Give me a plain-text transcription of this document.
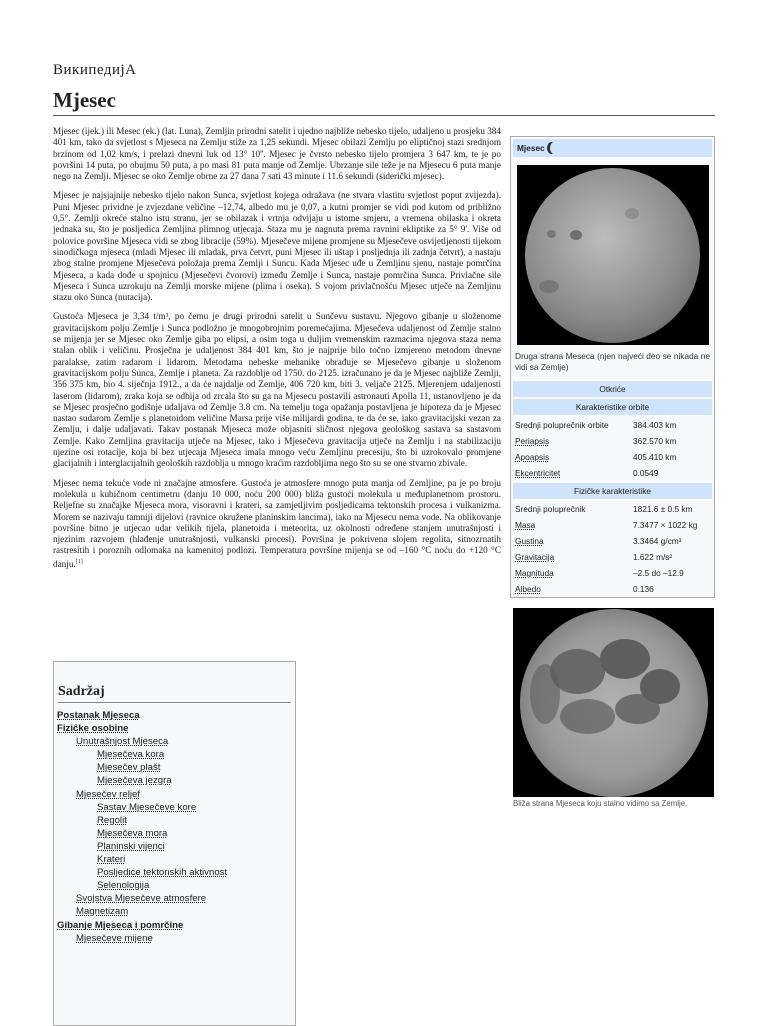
ВикипедијА
Mjesec

Mjesec (ijek.) ili Mesec (ek.) (lat. Luna), Zemljin prirodni satelit i ujedno najbliže nebesko tijelo, udaljeno u prosjeku 384 401 km, tako da svjetlost s Mjeseca na Zemlju stiže za 1,25 sekundi. Mjesec obilazi Zemlju po eliptičnoj stazi srednjom brzinom od 1,02 km/s, i prelazi dnevni luk od 13° 10''. Mjesec je čvrsto nebesko tijelo promjera 3 647 km, te je po površini 14 puta, po obujmu 50 puta, a po masi 81 puta manje od Zemlje. Ubrzanje sile teže je na Mjesecu 6 puta manje nego na Zemlji. Mjesec se oko Zemlje obrne za 27 dana 7 sati 43 minute i 11.6 sekundi (siderički mjesec).

Mjesec je najsjajnije nebesko tijelo nakon Sunca, svjetlost kojega odražava (ne stvara vlastitu svjetlost poput zvijezda). Puni Mjesec prividne je zvjezdane veličine –12,74, albedo mu je 0,07, a kutni promjer se vidi pod kutom od približno 0,5°. Zemlji okreće stalno istu stranu, jer se obilazak i vrtnja odvijaju u istome smjeru, a vremena obilaska i okreta jednaka su, što je posljedica Zemljina plimnog utjecaja. Staza mu je nagnuta prema ravnini ekliptike za 5° 9'. Više od polovice površine Mjeseca vidi se zbog libracije (59%). Mjesečeve mijene promjene su Mjesečeve osvijetljenosti tijekom sinodičkoga mjeseca (mladi Mjesec ili mladak, prva četvrt, puni Mjesec ili uštap i posljednja ili zadnja četvrt), a nastaju zbog stalne promjene Mjesečeva položaja prema Zemlji i Suncu. Kada Mjesec uđe u Zemljinu sjenu, nastaje pomrčina Mjeseca, a kada dođe u spojnicu (Mjesečevi čvorovi) između Zemlje i Sunca, nastaje pomrčina Sunca. Privlačne sile Mjeseca i Sunca uzrokuju na Zemlji morske mijene (plima i oseka). S vojom privlačnošću Mjesec utječe na Zemljinu stazu oko Sunca (nutacija).

Gustoća Mjeseca je 3,34 t/m³, po čemu je drugi prirodni satelit u Sunčevu sustavu. Njegovo gibanje u složenome gravitacijskom polju Zemlje i Sunca podložno je mnogobrojnim poremećajima. Mjesečeva udaljenost od Zemlje stalno se mijenja jer se Mjesec oko Zemlje giba po elipsi, a osim toga u duljim vremenskim razmacima njegova staza nema stalan oblik i veličinu. Prosječna je udaljenost 384 401 km, što je najprije bilo točno izmjereno metodom dnevne paralakse, zatim radarom i lidarom. Metodama nebeske mehanike obrađuje se Mjesečevo gibanje u složenom gravitacijskom polju Sunca, Zemlje i planeta. Za razdoblje od 1750. do 2125. izračunano je da je Mjesec najbliže Zemlji, 356 375 km, bio 4. siječnja 1912., a da će najdalje od Zemlje, 406 720 km, biti 3. veljače 2125. Mjerenjem udaljenosti laserom (lidarom), zraka koja se odbija od zrcala što su ga na Mjesecu postavili astronauti Apolla 11, ustanovljeno je da se Mjesec prosječno godišnje udaljava od Zemlje 3.8 cm. Na temelju toga opažanja postavljena je hipoteza da je Mjesec nastao sudarom Zemlje s planetoidom veličine Marsa prije više milijardi godina, te da će se, iako gravitacijski vezan za Zemlju, i dalje udaljavati. Takav postanak Mjeseca može objasniti sličnost njegova geološkog sastava sa sastavom Zemlje. Kako Zemljina gravitacija utječe na Mjesec, tako i Mjesečeva gravitacija utječe na Zemlju i na stabilizaciju njezine osi rotacije, koja bi bez utjecaja Mjeseca imala mnogo veću Zemljinu precesiju, što bi uzrokovalo promjene glacijalnih i interglacijalnih geoloških razdoblja u mnogo kraćim razdobljima nego što su se one stvarno zbivale.

Mjesec nema tekuće vode ni značajne atmosfere. Gustoća je atmosfere mnogo puta manja od Zemljine, pa je po broju molekula u kubičnom centimetru (danju 10 000, noću 200 000) bliža gustoći molekula u međuplanetnom prostoru. Reljefne su značajke Mjeseca mora, visoravni i krateri, sa zamjetljivim posljedicama tektonskih procesa i vulkanizma. Morem se nazivaju tamniji dijelovi (ravnice okružene planinskim lancima), iako na Mjesecu nema vode. Na oblikovanje površine bitno je utjecao udar velikih tijela, planetoida i meteorita, uz okolnosti određene stanjem unutrašnjosti i njezinim razvojem (hlađenje unutrašnjosti, vulkanski procesi). Površina je pokrivena slojem regolita, sitnozrnatih rastresitih i poroznih odlomaka na kamenitoj podlozi. Temperatura površine mijenja se od –160 °C noću do +120 °C danju.[1]

Mjesec
Druga strana Meseca (njen najveći deo se nikada ne vidi sa Zemlje)
Otkriće
Karakteristike orbite
Srednji polupreĉnik orbite	384.403 km
Periapsis	362.570 km
Apoapsis	405.410 km
Ekcentricitet	0.0549
Fiziĉke karakteristike
Srednji polupreĉnik	1821.6 ± 0.5 km
Masa	7.3477 × 1022 kg
Gustina	3.3464 g/cm³
Gravitacija	1.622 m/s²
Magnituda	–2.5 do –12.9
Albedo	0.136
Bliža strana Mjeseca koju stalno vidimo sa Zemlje.
Sadržaj
Postanak Mjeseca
Fiziĉke osobine
Unutrašnjost Mjeseca
Mjesečeva kora
Mjesečev plašt
Mjesečeva jezgra
Mjesečev reljef
Sastav Mjesečeve kore
Regolit
Mjesečeva mora
Planinski vijenci
Krateri
Posljedice tektonskih aktivnost
Selenologija
Svojstva Mjesečeve atmosfere
Magnetizam
Gibanje Mjeseca i pomrčine
Mjesečeve mijene
